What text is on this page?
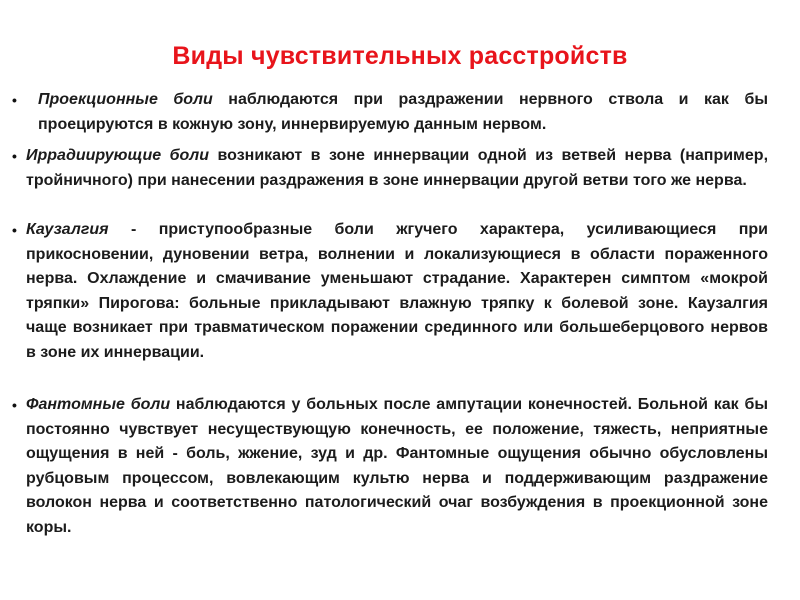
Виды чувствительных расстройств
• Проекционные боли наблюдаются при раздражении нервного ствола и как бы проецируются в кожную зону, иннервируемую данным нервом.
• Иррадиирующие боли возникают в зоне иннервации одной из ветвей нерва (например, тройничного) при нанесении раздражения в зоне иннервации другой ветви того же нерва.
• Каузалгия - приступообразные боли жгучего характера, усиливающиеся при прикосновении, дуновении ветра, волнении и локализующиеся в области пораженного нерва. Охлаждение и смачивание уменьшают страдание. Характерен симптом «мокрой тряпки» Пирогова: больные прикладывают влажную тряпку к болевой зоне. Каузалгия чаще возникает при травматическом поражении срединного или большеберцового нервов в зоне их иннервации.
• Фантомные боли наблюдаются у больных после ампутации конечностей. Больной как бы постоянно чувствует несуществующую конечность, ее положение, тяжесть, неприятные ощущения в ней - боль, жжение, зуд и др. Фантомные ощущения обычно обусловлены рубцовым процессом, вовлекающим культю нерва и поддерживающим раздражение волокон нерва и соответственно патологический очаг возбуждения в проекционной зоне коры.
